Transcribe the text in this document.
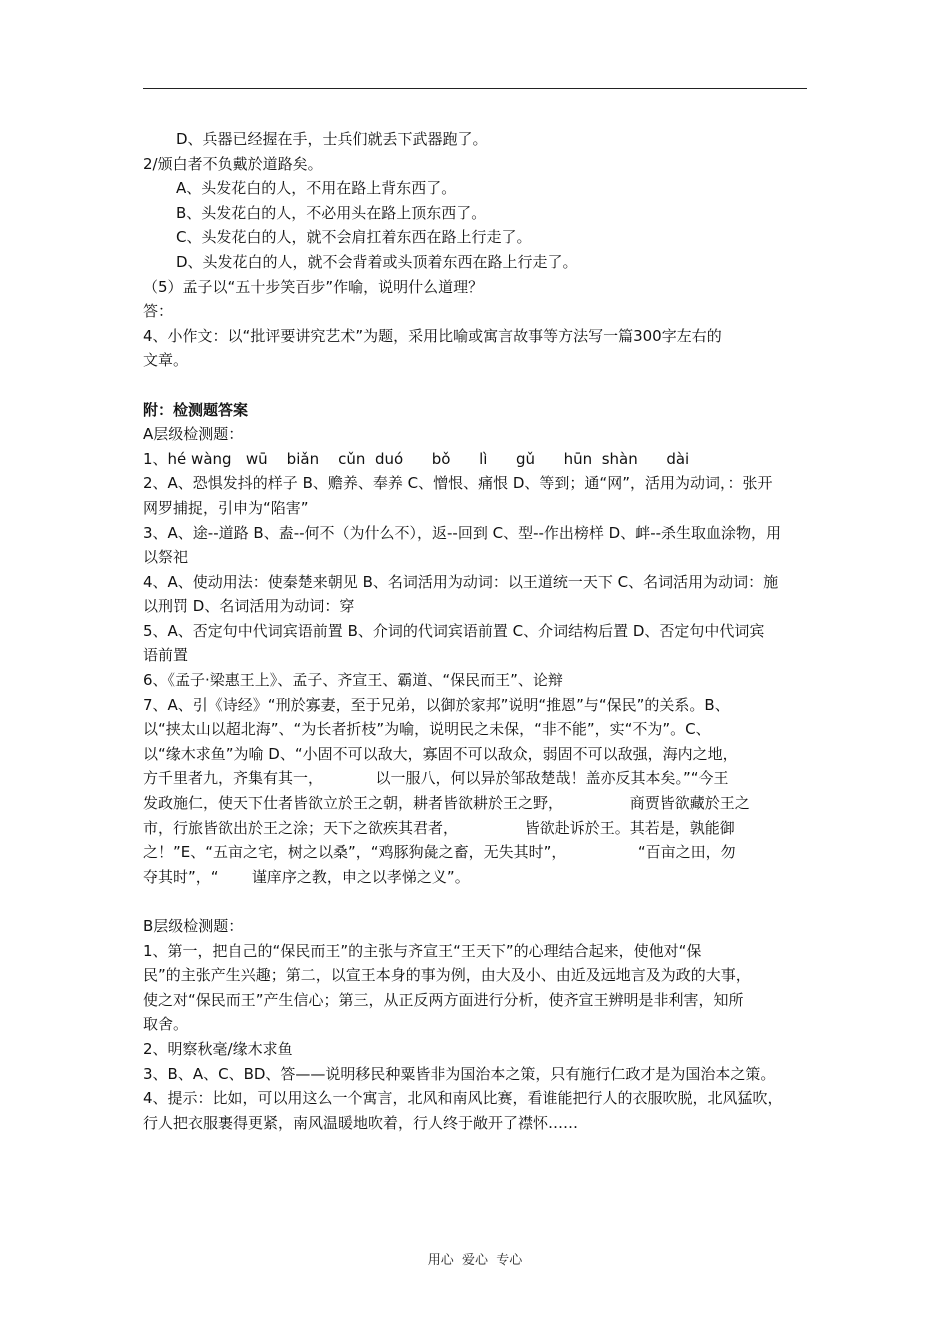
D、兵器已经握在手，士兵们就丢下武器跑了。

2/颁白者不负戴於道路矣。

A、头发花白的人，不用在路上背东西了。

B、头发花白的人，不必用头在路上顶东西了。

C、头发花白的人，就不会肩扛着东西在路上行走了。

D、头发花白的人，就不会背着或头顶着东西在路上行走了。

（5）孟子以“五十步笑百步”作喻，说明什么道理？

答：

4、小作文：以“批评要讲究艺术”为题，采用比喻或寓言故事等方法写一篇300字左右的

文章。

附：检测题答案

A层级检测题：

1、hé wàng   wū    biǎn    cǔn  duó      bǒ      lì      gǔ      hūn  shàn      dài

2、A、恐惧发抖的样子 B、赡养、奉养 C、憎恨、痛恨 D、等到；通“网”，活用为动词，：张开

网罗捕捉，引申为“陷害”

3、A、途--道路 B、盍--何不（为什么不），返--回到 C、型--作出榜样 D、衅--杀生取血涂物，用

以祭祀

4、A、使动用法：使秦楚来朝见 B、名词活用为动词：以王道统一天下 C、名词活用为动词：施

以刑罚 D、名词活用为动词：穿

5、A、否定句中代词宾语前置 B、介词的代词宾语前置 C、介词结构后置 D、否定句中代词宾

语前置

6、《孟子·梁惠王上》、孟子、齐宣王、霸道、“保民而王”、论辩

7、A、引《诗经》“刑於寡妻，至于兄弟，以御於家邦”说明“推恩”与“保民”的关系。B、

以“挟太山以超北海”、“为长者折枝”为喻，说明民之未保，“非不能”，实“不为”。C、

以“缘木求鱼”为喻 D、“小固不可以敌大，寡固不可以敌众，弱固不可以敌强，海内之地，

方千里者九，齐集有其一，           以一服八，何以异於邹敌楚哉！盖亦反其本矣。”“今王

发政施仁，使天下仕者皆欲立於王之朝，耕者皆欲耕於王之野，              商贾皆欲藏於王之

市，行旅皆欲出於王之涂；天下之欲疾其君者，              皆欲赴诉於王。其若是，孰能御

之！”E、“五亩之宅，树之以桑”，“鸡豚狗彘之畜，无失其时”，               “百亩之田，勿

夺其时”，“       谨庠序之教，申之以孝悌之义”。

B层级检测题：

1、第一，把自己的“保民而王”的主张与齐宣王“王天下”的心理结合起来，使他对“保

民”的主张产生兴趣；第二，以宣王本身的事为例，由大及小、由近及远地言及为政的大事，

使之对“保民而王”产生信心；第三，从正反两方面进行分析，使齐宣王辨明是非利害，知所

取舍。

2、明察秋毫/缘木求鱼

3、B、A、C、BD、答——说明移民种粟皆非为国治本之策，只有施行仁政才是为国治本之策。

4、提示：比如，可以用这么一个寓言，北风和南风比赛，看谁能把行人的衣服吹脱，北风猛吹，

行人把衣服裹得更紧，南风温暖地吹着，行人终于敞开了襟怀……

用心  爱心  专心
